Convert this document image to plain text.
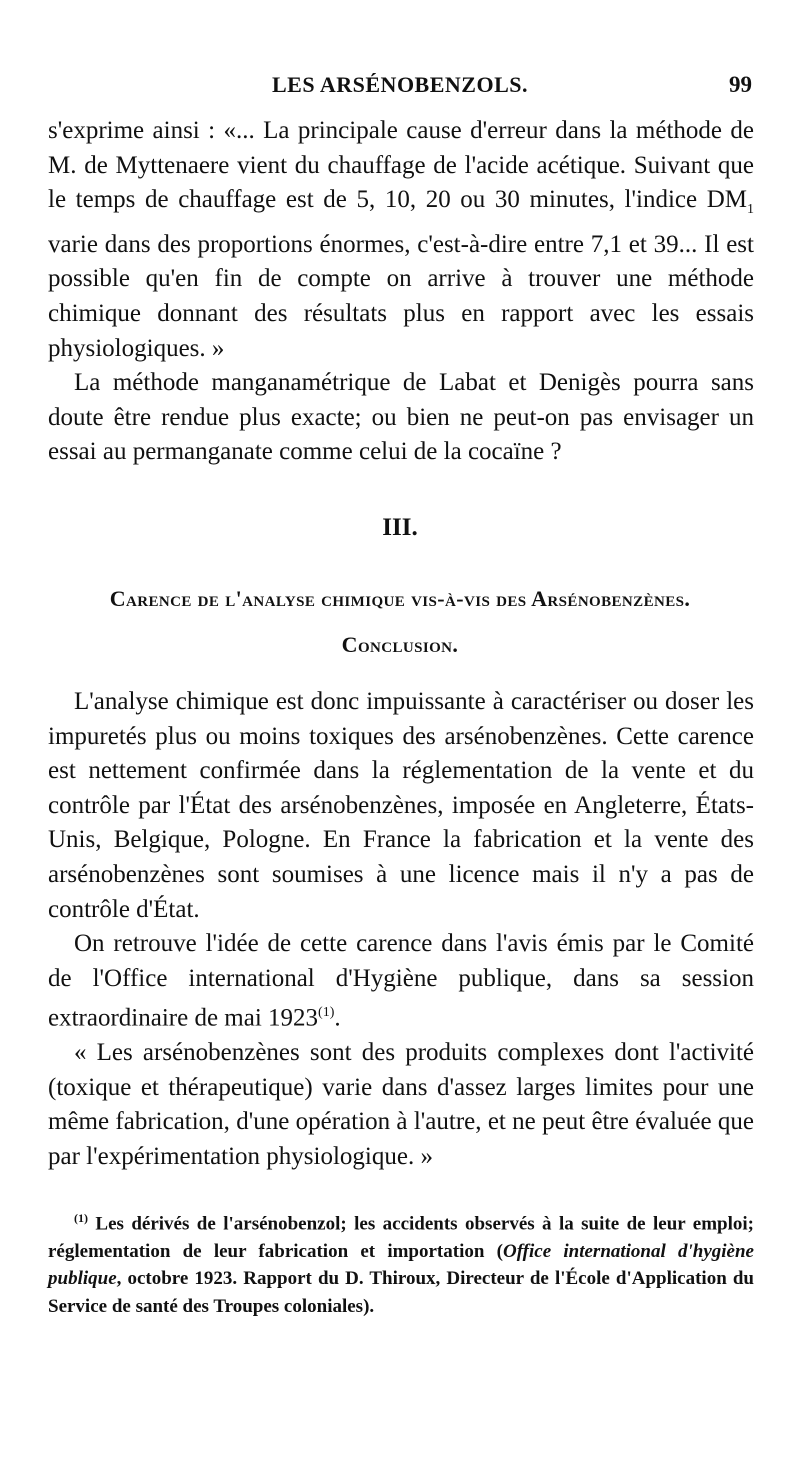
LES ARSÉNOBENZOLS.	99

s'exprime ainsi : «... La principale cause d'erreur dans la méthode de M. de Myttenaere vient du chauffage de l'acide acétique. Suivant que le temps de chauffage est de 5, 10, 20 ou 30 minutes, l'indice $DM_1$ varie dans des proportions énormes, c'est-à-dire entre 7,1 et 39... Il est possible qu'en fin de compte on arrive à trouver une méthode chimique donnant des résultats plus en rapport avec les essais physiologiques. »

La méthode manganamétrique de Labat et Denigès pourra sans doute être rendue plus exacte; ou bien ne peut-on pas envisager un essai au permanganate comme celui de la cocaïne ?

III.
Carence de l'analyse chimique vis-à-vis des Arsénobenzènes.
Conclusion.

L'analyse chimique est donc impuissante à caractériser ou doser les impuretés plus ou moins toxiques des arsénobenzènes. Cette carence est nettement confirmée dans la réglementation de la vente et du contrôle par l'État des arsénobenzènes, imposée en Angleterre, États-Unis, Belgique, Pologne. En France la fabrication et la vente des arsénobenzènes sont soumises à une licence mais il n'y a pas de contrôle d'État.

On retrouve l'idée de cette carence dans l'avis émis par le Comité de l'Office international d'Hygiène publique, dans sa session extraordinaire de mai 1923$^{(1)}$.

« Les arsénobenzènes sont des produits complexes dont l'activité (toxique et thérapeutique) varie dans d'assez larges limites pour une même fabrication, d'une opération à l'autre, et ne peut être évaluée que par l'expérimentation physiologique. »

$^{(1)}$ Les dérivés de l'arsénobenzol; les accidents observés à la suite de leur emploi; réglementation de leur fabrication et importation (Office international d'hygiène publique, octobre 1923. Rapport du D. Thiroux, Directeur de l'École d'Application du Service de santé des Troupes coloniales).
